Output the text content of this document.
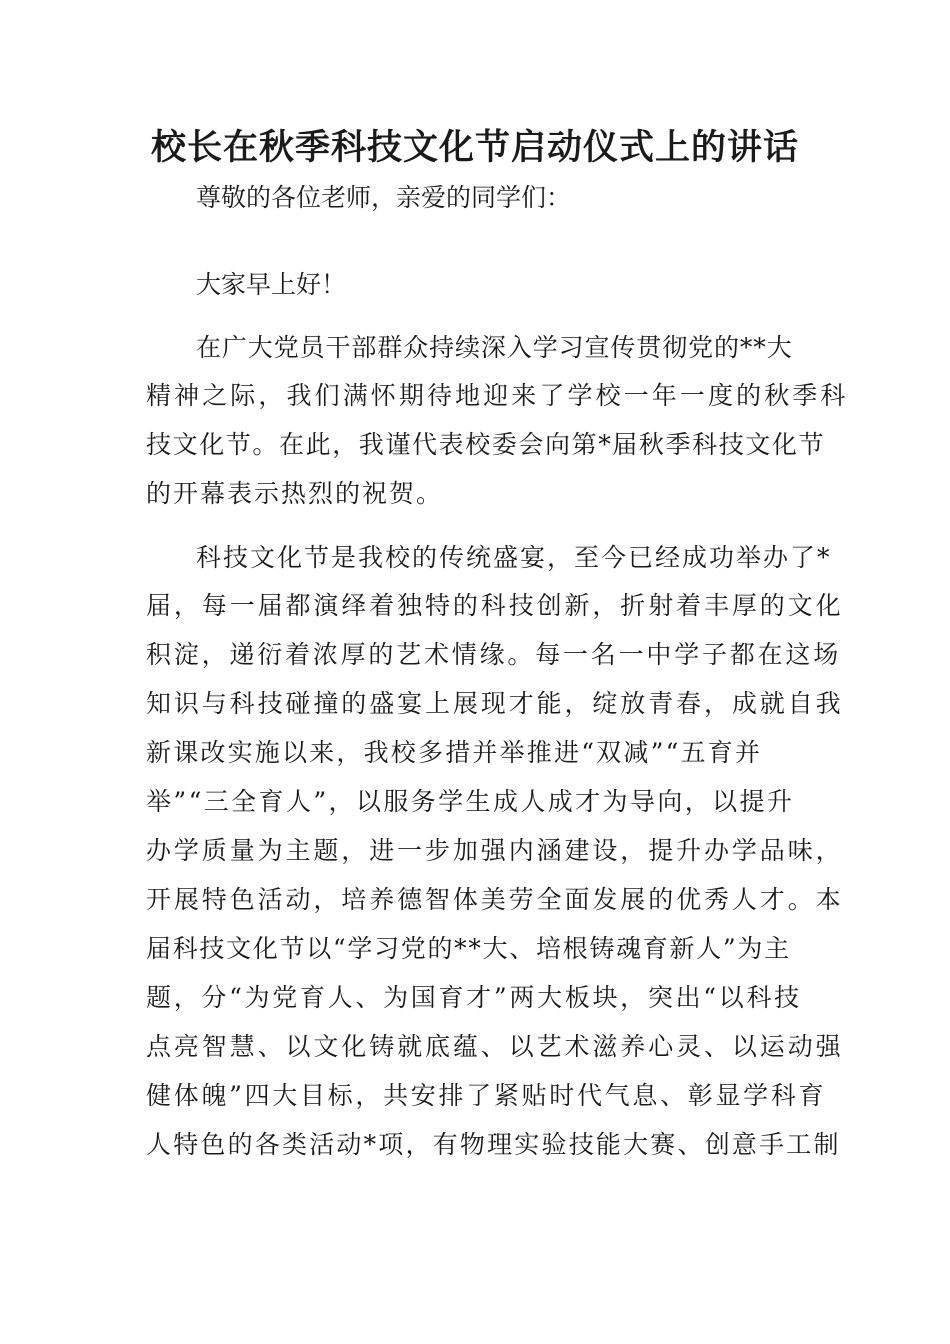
校长在秋季科技文化节启动仪式上的讲话
尊敬的各位老师，亲爱的同学们：
大家早上好！
在广大党员干部群众持续深入学习宣传贯彻党的**大
精神之际，我们满怀期待地迎来了学校一年一度的秋季科
技文化节。在此，我谨代表校委会向第*届秋季科技文化节
的开幕表示热烈的祝贺。
科技文化节是我校的传统盛宴，至今已经成功举办了*
届，每一届都演绎着独特的科技创新，折射着丰厚的文化
积淀，递衍着浓厚的艺术情缘。每一名一中学子都在这场
知识与科技碰撞的盛宴上展现才能，绽放青春，成就自我
新课改实施以来，我校多措并举推进“双减”“五育并
举”“三全育人”，以服务学生成人成才为导向，以提升
办学质量为主题，进一步加强内涵建设，提升办学品味，
开展特色活动，培养德智体美劳全面发展的优秀人才。本
届科技文化节以“学习党的**大、培根铸魂育新人”为主
题，分“为党育人、为国育才”两大板块，突出“以科技
点亮智慧、以文化铸就底蕴、以艺术滋养心灵、以运动强
健体魄”四大目标，共安排了紧贴时代气息、彰显学科育
人特色的各类活动*项，有物理实验技能大赛、创意手工制
